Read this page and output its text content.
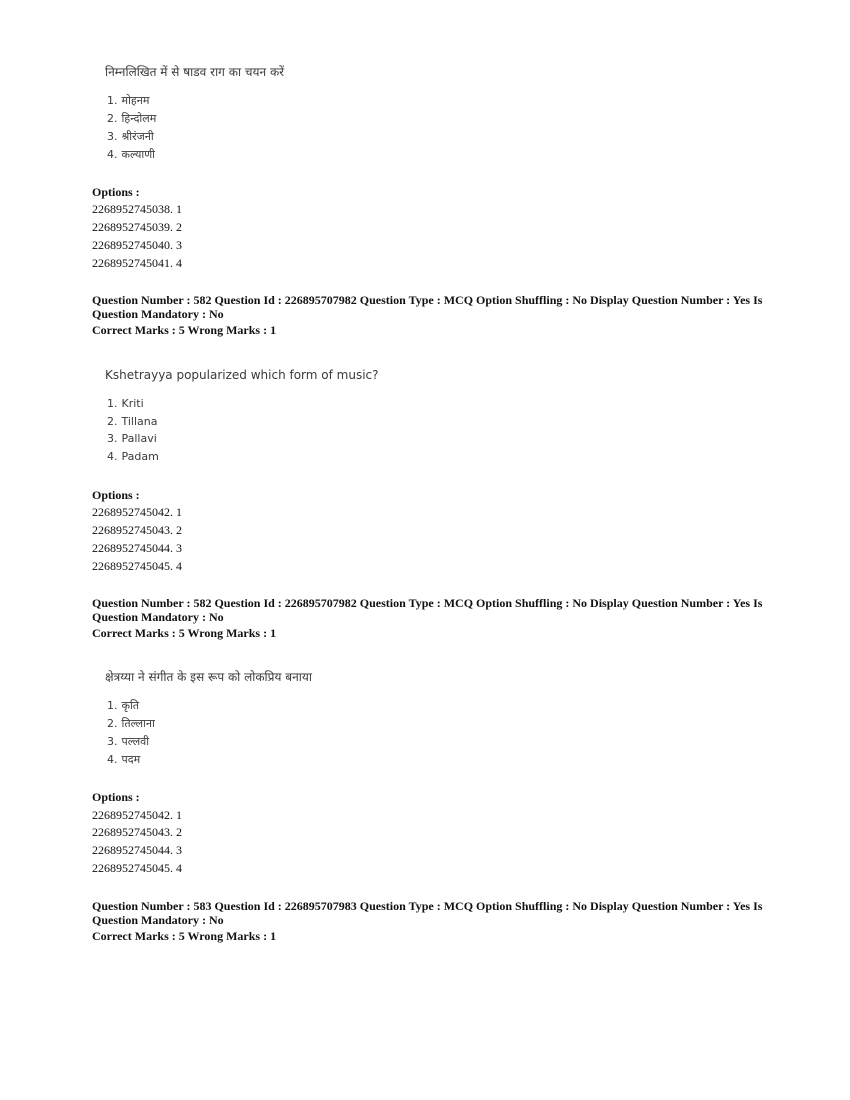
निम्नलिखित में से षाडव राग का चयन करें
1. मोहनम
2. हिन्दोलम
3. श्रीरंजनी
4. कल्याणी
Options :
2268952745038. 1
2268952745039. 2
2268952745040. 3
2268952745041. 4
Question Number : 582 Question Id : 226895707982 Question Type : MCQ Option Shuffling : No Display Question Number : Yes Is
Question Mandatory : No
Correct Marks : 5 Wrong Marks : 1
Kshetrayya popularized which form of music?
1. Kriti
2. Tillana
3. Pallavi
4. Padam
Options :
2268952745042. 1
2268952745043. 2
2268952745044. 3
2268952745045. 4
Question Number : 582 Question Id : 226895707982 Question Type : MCQ Option Shuffling : No Display Question Number : Yes Is
Question Mandatory : No
Correct Marks : 5 Wrong Marks : 1
क्षेत्रय्या ने संगीत के इस रूप को लोकप्रिय बनाया
1. कृति
2. तिल्लाना
3. पल्लवी
4. पदम
Options :
2268952745042. 1
2268952745043. 2
2268952745044. 3
2268952745045. 4
Question Number : 583 Question Id : 226895707983 Question Type : MCQ Option Shuffling : No Display Question Number : Yes Is
Question Mandatory : No
Correct Marks : 5 Wrong Marks : 1
